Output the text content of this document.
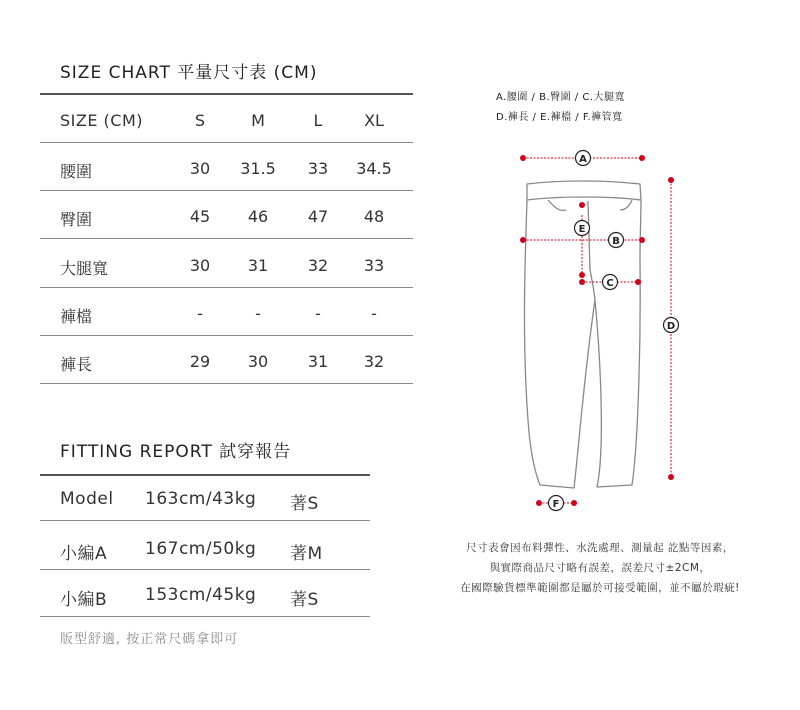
SIZE CHART 平量尺寸表 (CM)
SIZE (CM)	S	M	L	XL
腰圍	30	31.5	33	34.5
臀圍	45	46	47	48
大腿寬	30	31	32	33
褲檔	-	-	-	-
褲長	29	30	31	32
FITTING REPORT 試穿報告
Model 163cm/43kg 著S
小編A 167cm/50kg 著M
小編B 153cm/45kg 著S
版型舒適, 按正常尺碼拿即可
A.腰圍 / B.臀圍 / C.大腿寬
D.褲長 / E.褲檔 / F.褲管寬
A
E
B
C
D
F
尺寸表會因布料彈性、水洗處理、測量起 訖點等因素，
與實際商品尺寸略有誤差，誤差尺寸±2CM，
在國際驗貨標準範圍都是屬於可接受範圍，並不屬於瑕疵!
